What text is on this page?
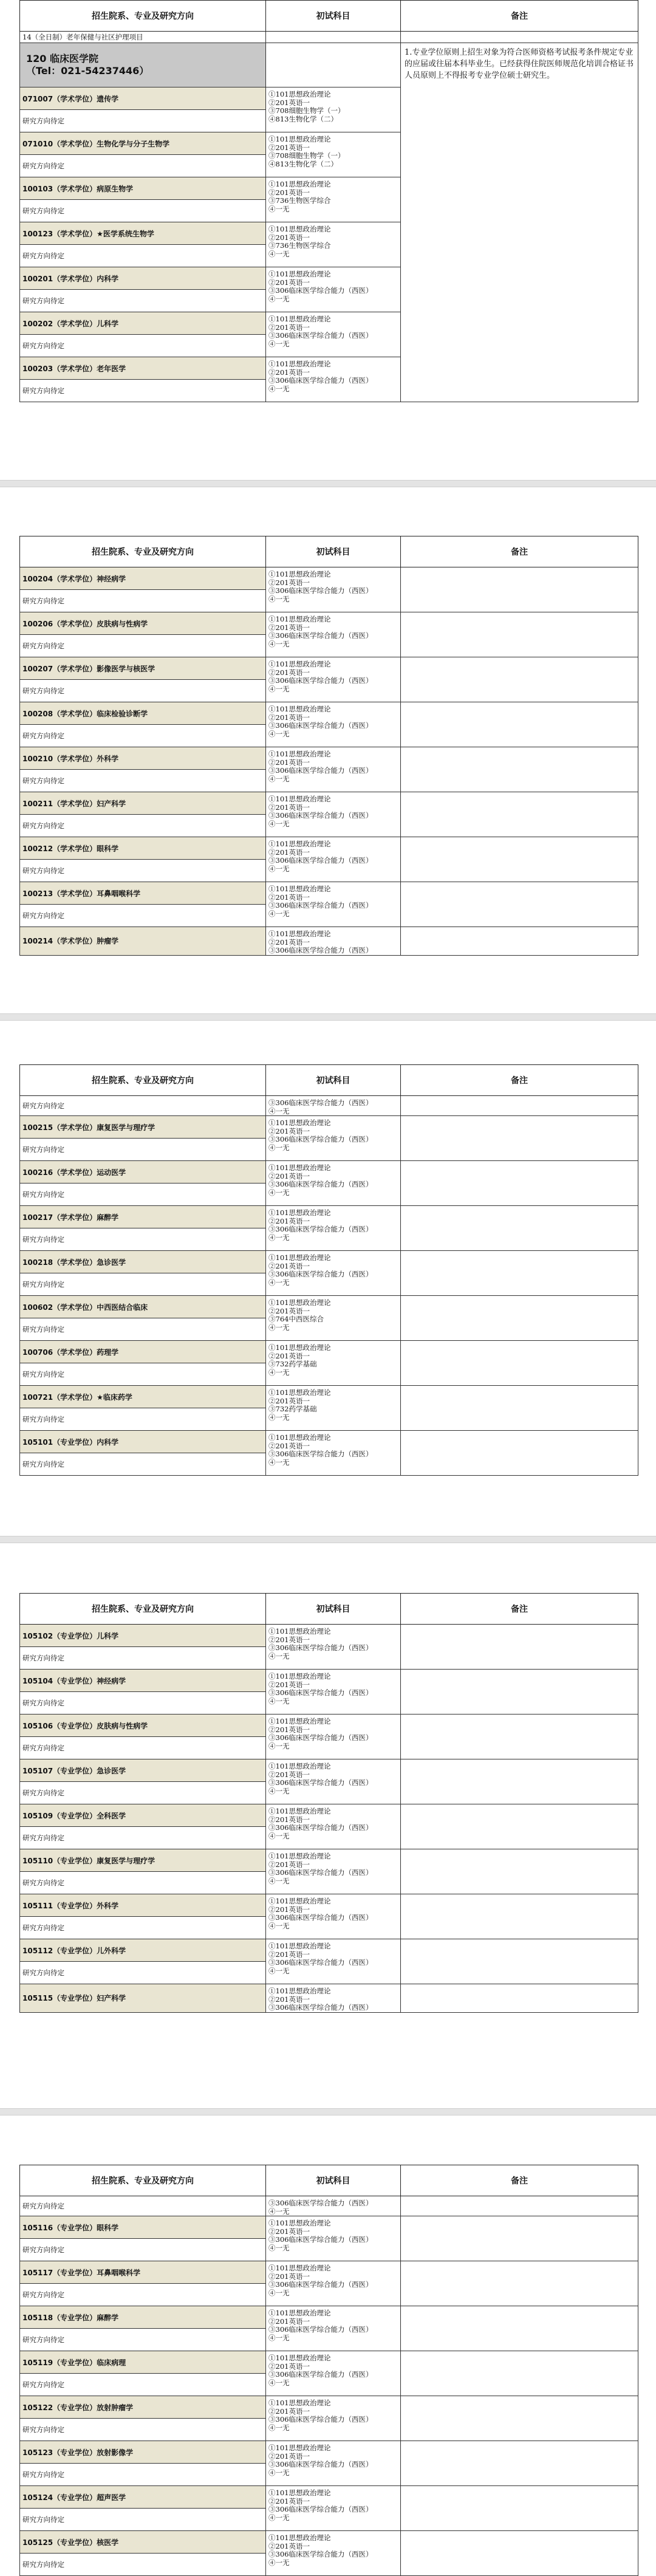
招生院系、专业及研究方向	初试科目	备注
14（全日制）老年保健与社区护理项目		

120 临床医学院
（Tel：021-54237446）		1.专业学位原则上招生对象为符合医师资格考试报考条件规定专业的应届或往届本科毕业生。已经获得住院医师规范化培训合格证书人员原则上不得报考专业学位硕士研究生。
071007（学术学位）遗传学	①101思想政治理论
②201英语一
③708细胞生物学（一）
④813生物化学（二）	

研究方向待定		
071010（学术学位）生物化学与分子生物学	①101思想政治理论
②201英语一
③708细胞生物学（一）
④813生物化学（二）	

研究方向待定		
100103（学术学位）病原生物学	①101思想政治理论
②201英语一
③736生物医学综合
④一无	

研究方向待定		
100123（学术学位）★医学系统生物学	①101思想政治理论
②201英语一
③736生物医学综合
④一无	

研究方向待定		
100201（学术学位）内科学	①101思想政治理论
②201英语一
③306临床医学综合能力（西医）
④一无	

研究方向待定		
100202（学术学位）儿科学	①101思想政治理论
②201英语一
③306临床医学综合能力（西医）
④一无	

研究方向待定		
100203（学术学位）老年医学	①101思想政治理论
②201英语一
③306临床医学综合能力（西医）
④一无	

研究方向待定		
招生院系、专业及研究方向	初试科目	备注
100204（学术学位）神经病学	①101思想政治理论
②201英语一
③306临床医学综合能力（西医）
④一无	

研究方向待定		
100206（学术学位）皮肤病与性病学	①101思想政治理论
②201英语一
③306临床医学综合能力（西医）
④一无	

研究方向待定		
100207（学术学位）影像医学与核医学	①101思想政治理论
②201英语一
③306临床医学综合能力（西医）
④一无	

研究方向待定		
100208（学术学位）临床检验诊断学	①101思想政治理论
②201英语一
③306临床医学综合能力（西医）
④一无	

研究方向待定		
100210（学术学位）外科学	①101思想政治理论
②201英语一
③306临床医学综合能力（西医）
④一无	

研究方向待定		
100211（学术学位）妇产科学	①101思想政治理论
②201英语一
③306临床医学综合能力（西医）
④一无	

研究方向待定		
100212（学术学位）眼科学	①101思想政治理论
②201英语一
③306临床医学综合能力（西医）
④一无	

研究方向待定		
100213（学术学位）耳鼻咽喉科学	①101思想政治理论
②201英语一
③306临床医学综合能力（西医）
④一无	

研究方向待定		
100214（学术学位）肿瘤学	①101思想政治理论
②201英语一
③306临床医学综合能力（西医）	

招生院系、专业及研究方向	初试科目	备注
研究方向待定	③306临床医学综合能力（西医）
④一无	

100215（学术学位）康复医学与理疗学	①101思想政治理论
②201英语一
③306临床医学综合能力（西医）
④一无	

研究方向待定		
100216（学术学位）运动医学	①101思想政治理论
②201英语一
③306临床医学综合能力（西医）
④一无	

研究方向待定		
100217（学术学位）麻醉学	①101思想政治理论
②201英语一
③306临床医学综合能力（西医）
④一无	

研究方向待定		
100218（学术学位）急诊医学	①101思想政治理论
②201英语一
③306临床医学综合能力（西医）
④一无	

研究方向待定		
100602（学术学位）中西医结合临床	①101思想政治理论
②201英语一
③764中西医综合
④一无	

研究方向待定		
100706（学术学位）药理学	①101思想政治理论
②201英语一
③732药学基础
④一无	

研究方向待定		
100721（学术学位）★临床药学	①101思想政治理论
②201英语一
③732药学基础
④一无	

研究方向待定		
105101（专业学位）内科学	①101思想政治理论
②201英语一
③306临床医学综合能力（西医）
④一无	

研究方向待定		
招生院系、专业及研究方向	初试科目	备注
105102（专业学位）儿科学	①101思想政治理论
②201英语一
③306临床医学综合能力（西医）
④一无	

研究方向待定		
105104（专业学位）神经病学	①101思想政治理论
②201英语一
③306临床医学综合能力（西医）
④一无	

研究方向待定		
105106（专业学位）皮肤病与性病学	①101思想政治理论
②201英语一
③306临床医学综合能力（西医）
④一无	

研究方向待定		
105107（专业学位）急诊医学	①101思想政治理论
②201英语一
③306临床医学综合能力（西医）
④一无	

研究方向待定		
105109（专业学位）全科医学	①101思想政治理论
②201英语一
③306临床医学综合能力（西医）
④一无	

研究方向待定		
105110（专业学位）康复医学与理疗学	①101思想政治理论
②201英语一
③306临床医学综合能力（西医）
④一无	

研究方向待定		
105111（专业学位）外科学	①101思想政治理论
②201英语一
③306临床医学综合能力（西医）
④一无	

研究方向待定		
105112（专业学位）儿外科学	①101思想政治理论
②201英语一
③306临床医学综合能力（西医）
④一无	

研究方向待定		
105115（专业学位）妇产科学	①101思想政治理论
②201英语一
③306临床医学综合能力（西医）	

招生院系、专业及研究方向	初试科目	备注
研究方向待定	③306临床医学综合能力（西医）
④一无	

105116（专业学位）眼科学	①101思想政治理论
②201英语一
③306临床医学综合能力（西医）
④一无	

研究方向待定		
105117（专业学位）耳鼻咽喉科学	①101思想政治理论
②201英语一
③306临床医学综合能力（西医）
④一无	

研究方向待定		
105118（专业学位）麻醉学	①101思想政治理论
②201英语一
③306临床医学综合能力（西医）
④一无	

研究方向待定		
105119（专业学位）临床病理	①101思想政治理论
②201英语一
③306临床医学综合能力（西医）
④一无	

研究方向待定		
105122（专业学位）放射肿瘤学	①101思想政治理论
②201英语一
③306临床医学综合能力（西医）
④一无	

研究方向待定		
105123（专业学位）放射影像学	①101思想政治理论
②201英语一
③306临床医学综合能力（西医）
④一无	

研究方向待定		
105124（专业学位）超声医学	①101思想政治理论
②201英语一
③306临床医学综合能力（西医）
④一无	

研究方向待定		
105125（专业学位）核医学	①101思想政治理论
②201英语一
③306临床医学综合能力（西医）
④一无	

研究方向待定		
